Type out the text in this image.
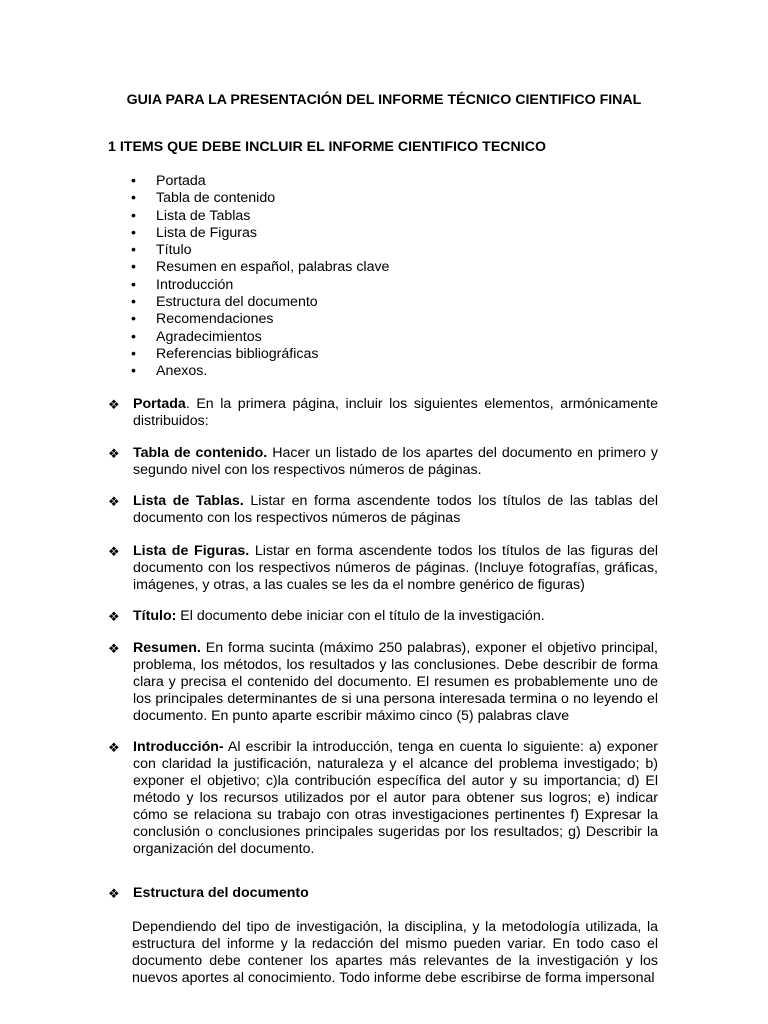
GUIA PARA LA PRESENTACIÓN DEL INFORME TÉCNICO CIENTIFICO FINAL
1 ITEMS QUE DEBE INCLUIR EL INFORME CIENTIFICO TECNICO
•	Portada
•	Tabla de contenido
•	Lista de Tablas
•	Lista de Figuras
•	Título
•	Resumen en español, palabras clave
•	Introducción
•	Estructura del documento
•	Recomendaciones
•	Agradecimientos
•	Referencias bibliográficas
•	Anexos.
❖ Portada. En la primera página, incluir los siguientes elementos, armónicamente distribuidos:
❖ Tabla de contenido. Hacer un listado de los apartes del documento en primero y segundo nivel con los respectivos números de páginas.
❖ Lista de Tablas. Listar en forma ascendente todos los títulos de las tablas del documento con los respectivos números de páginas
❖ Lista de Figuras. Listar en forma ascendente todos los títulos de las figuras del documento con los respectivos números de páginas. (Incluye fotografías, gráficas, imágenes, y otras, a las cuales se les da el nombre genérico de figuras)
❖ Título: El documento debe iniciar con el título de la investigación.
❖ Resumen. En forma sucinta (máximo 250 palabras), exponer el objetivo principal, problema, los métodos, los resultados y las conclusiones. Debe describir de forma clara y precisa el contenido del documento. El resumen es probablemente uno de los principales determinantes de si una persona interesada termina o no leyendo el documento. En punto aparte escribir máximo cinco (5) palabras clave
❖ Introducción- Al escribir la introducción, tenga en cuenta lo siguiente: a) exponer con claridad la justificación, naturaleza y el alcance del problema investigado; b) exponer el objetivo; c)la contribución específica del autor y su importancia; d) El método y los recursos utilizados por el autor para obtener sus logros; e) indicar cómo se relaciona su trabajo con otras investigaciones pertinentes f) Expresar la conclusión o conclusiones principales sugeridas por los resultados; g) Describir la organización del documento.
❖ Estructura del documento
Dependiendo del tipo de investigación, la disciplina, y la metodología utilizada, la estructura del informe y la redacción del mismo pueden variar. En todo caso el documento debe contener los apartes más relevantes de la investigación y los nuevos aportes al conocimiento. Todo informe debe escribirse de forma impersonal
